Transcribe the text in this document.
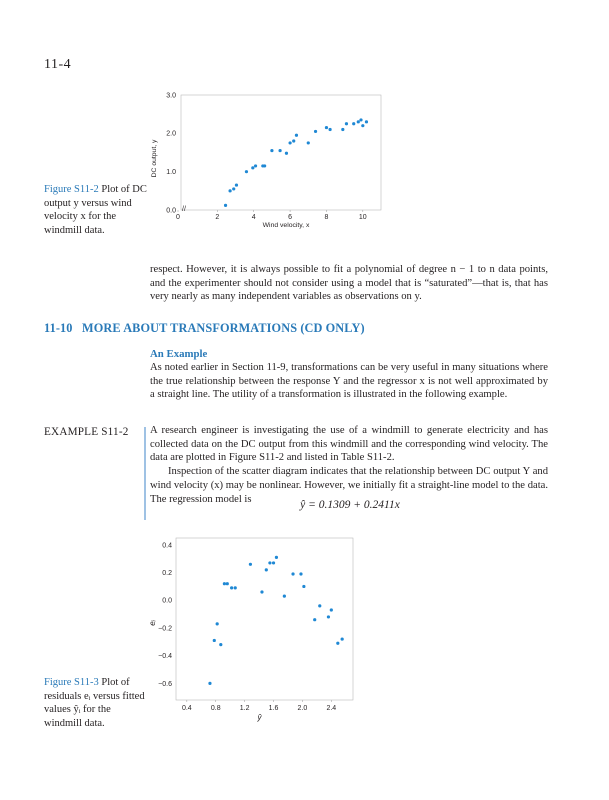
11-4
0	2	4	6	8	10
0.0
1.0
2.0
3.0
//
Wind velocity, x
DC output, y
Figure S11-2 Plot of DC output y versus wind velocity x for the windmill data.

respect. However, it is always possible to fit a polynomial of degree n − 1 to n data points, and the experimenter should not consider using a model that is “saturated”—that is, that has very nearly as many independent variables as observations on y.

11-10 MORE ABOUT TRANSFORMATIONS (CD ONLY)
An Example

As noted earlier in Section 11-9, transformations can be very useful in many situations where the true relationship between the response Y and the regressor x is not well approximated by a straight line. The utility of a transformation is illustrated in the following example.

EXAMPLE S11-2 A research engineer is investigating the use of a windmill to generate electricity and has collected data on the DC output from this windmill and the corresponding wind velocity. The data are plotted in Figure S11-2 and listed in Table S11-2.

Inspection of the scatter diagram indicates that the relationship between DC output Y and wind velocity (x) may be nonlinear. However, we initially fit a straight-line model to the data. The regression model is	ŷ = 0.1309 + 0.2411x
0.4	0.8	1.2	1.6	2.0	2.4
0.4
0.2
0.0
−0.2
−0.4
−0.6
ŷ
eᵢ
Figure S11-3 Plot of residuals eᵢ versus fitted values ŷᵢ for the windmill data.
